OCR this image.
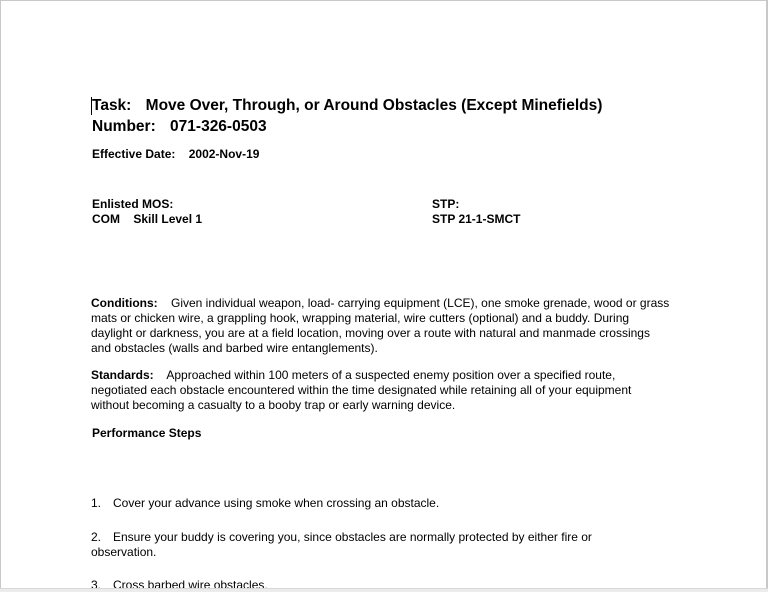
Task: Move Over, Through, or Around Obstacles (Except Minefields)
Number: 071-326-0503
Effective Date: 2002-Nov-19
Enlisted MOS:
COM Skill Level 1
STP:
STP 21-1-SMCT
Conditions: Given individual weapon, load- carrying equipment (LCE), one smoke grenade, wood or grass mats or chicken wire, a grappling hook, wrapping material, wire cutters (optional) and a buddy. During daylight or darkness, you are at a field location, moving over a route with natural and manmade crossings and obstacles (walls and barbed wire entanglements).
Standards: Approached within 100 meters of a suspected enemy position over a specified route, negotiated each obstacle encountered within the time designated while retaining all of your equipment without becoming a casualty to a booby trap or early warning device.
Performance Steps
1. Cover your advance using smoke when crossing an obstacle.
2. Ensure your buddy is covering you, since obstacles are normally protected by either fire or observation.
3. Cross barbed wire obstacles.
